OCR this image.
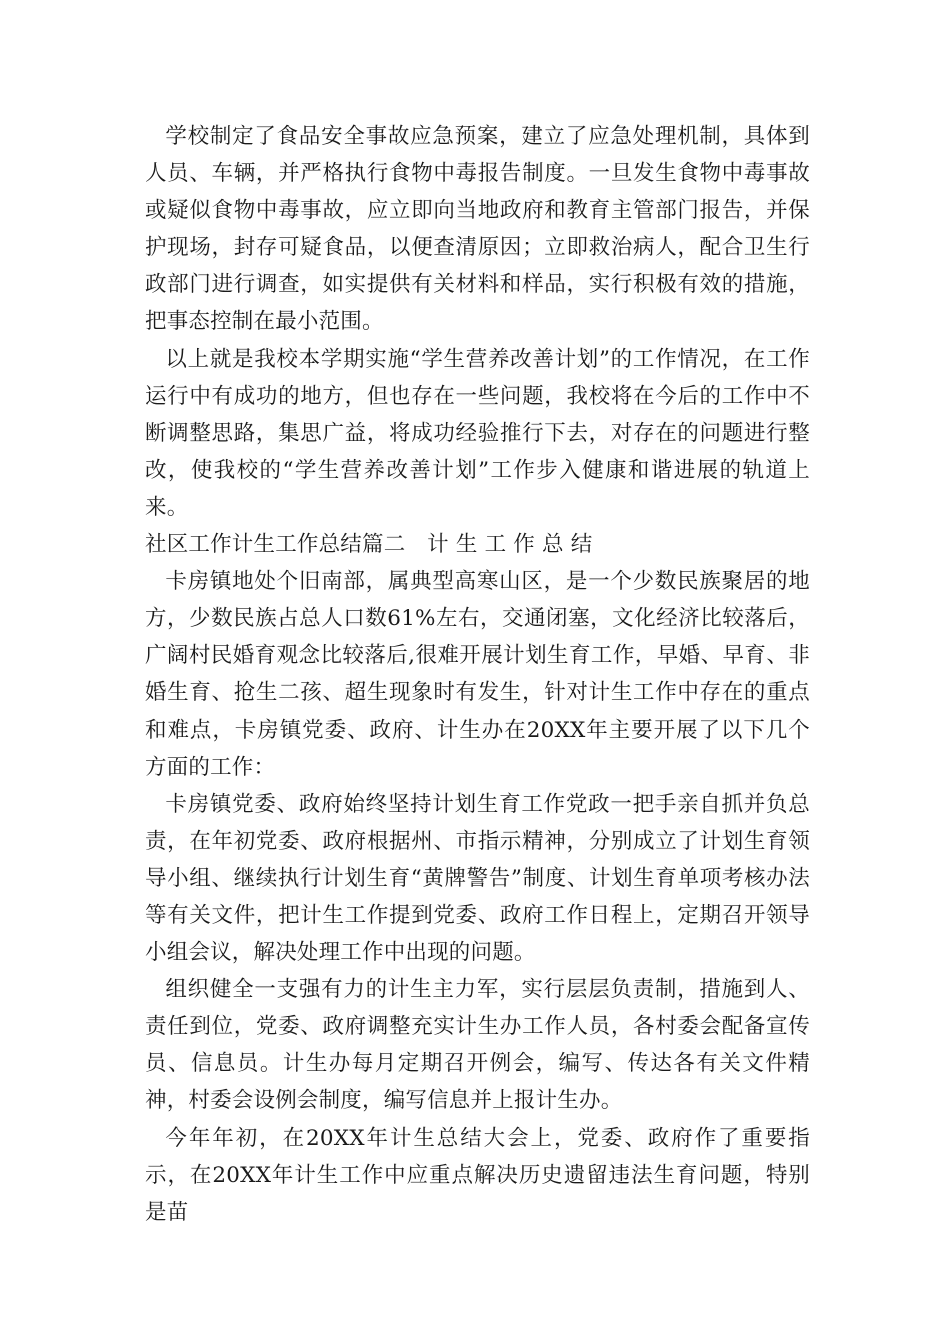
学校制定了食品安全事故应急预案，建立了应急处理机制，具体到人员、车辆，并严格执行食物中毒报告制度。一旦发生食物中毒事故或疑似食物中毒事故，应立即向当地政府和教育主管部门报告，并保护现场，封存可疑食品，以便查清原因；立即救治病人，配合卫生行政部门进行调查，如实提供有关材料和样品，实行积极有效的措施，把事态控制在最小范围。

以上就是我校本学期实施“学生营养改善计划”的工作情况，在工作运行中有成功的地方，但也存在一些问题，我校将在今后的工作中不断调整思路，集思广益，将成功经验推行下去，对存在的问题进行整改，使我校的“学生营养改善计划”工作步入健康和谐进展的轨道上来。

社区工作计生工作总结篇二　计 生 工 作 总 结

卡房镇地处个旧南部，属典型高寒山区，是一个少数民族聚居的地方，少数民族占总人口数61%左右，交通闭塞，文化经济比较落后，广阔村民婚育观念比较落后,很难开展计划生育工作，早婚、早育、非婚生育、抢生二孩、超生现象时有发生，针对计生工作中存在的重点和难点，卡房镇党委、政府、计生办在20XX年主要开展了以下几个方面的工作：

卡房镇党委、政府始终坚持计划生育工作党政一把手亲自抓并负总责，在年初党委、政府根据州、市指示精神，分别成立了计划生育领导小组、继续执行计划生育“黄牌警告”制度、计划生育单项考核办法等有关文件，把计生工作提到党委、政府工作日程上，定期召开领导小组会议，解决处理工作中出现的问题。

组织健全一支强有力的计生主力军，实行层层负责制，措施到人、责任到位，党委、政府调整充实计生办工作人员，各村委会配备宣传员、信息员。计生办每月定期召开例会，编写、传达各有关文件精神，村委会设例会制度，编写信息并上报计生办。

今年年初，在20XX年计生总结大会上，党委、政府作了重要指示，在20XX年计生工作中应重点解决历史遗留违法生育问题，特别是苗
